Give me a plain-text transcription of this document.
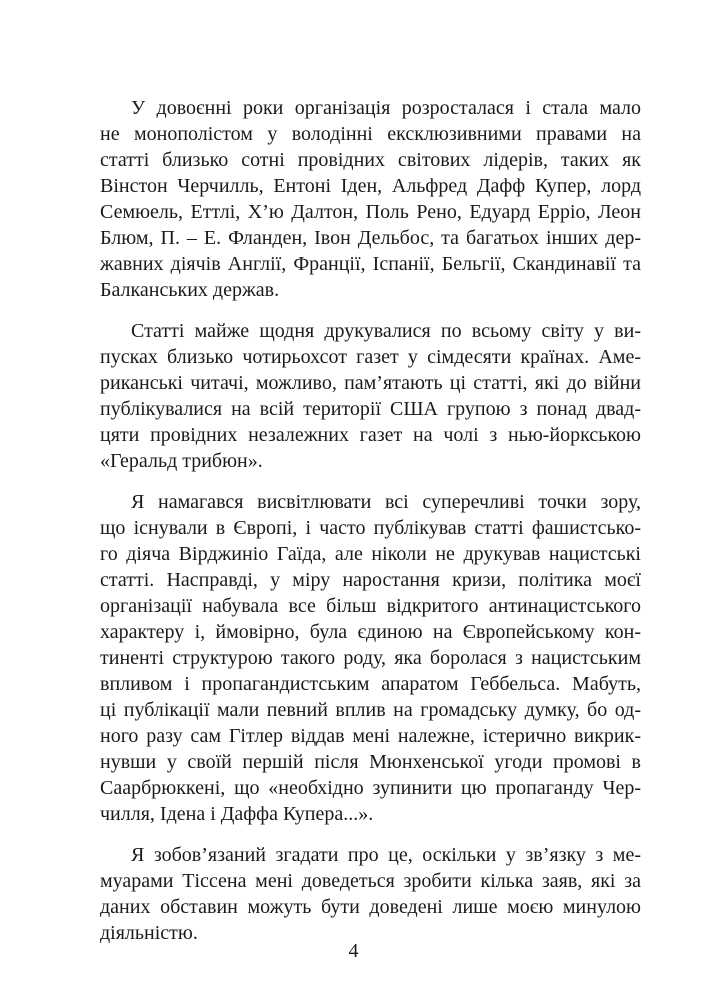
У довоєнні роки організація розросталася і стала мало
не монополістом у володінні ексклюзивними правами на
статті близько сотні провідних світових лідерів, таких як
Вінстон Черчилль, Ентоні Іден, Альфред Дафф Купер, лорд
Семюель, Еттлі, Х’ю Далтон, Поль Рено, Едуард Ерріо, Леон
Блюм, П. – Е. Фланден, Івон Дельбос, та багатьох інших дер-
жавних діячів Англії, Франції, Іспанії, Бельгії, Скандинавії та
Балканських держав.
Статті майже щодня друкувалися по всьому світу у ви-
пусках близько чотирьохсот газет у сімдесяти країнах. Аме-
риканські читачі, можливо, пам’ятають ці статті, які до війни
публікувалися на всій території США групою з понад двад-
цяти провідних незалежних газет на чолі з нью-йоркською
«Геральд трибюн».
Я намагався висвітлювати всі суперечливі точки зору,
що існували в Європі, і часто публікував статті фашистсько-
го діяча Вірджиніо Гаїда, але ніколи не друкував нацистські
статті. Насправді, у міру наростання кризи, політика моєї
організації набувала все більш відкритого антинацистського
характеру і, ймовірно, була єдиною на Європейському кон-
тиненті структурою такого роду, яка боролася з нацистським
впливом і пропагандистським апаратом Геббельса. Мабуть,
ці публікації мали певний вплив на громадську думку, бо од-
ного разу сам Гітлер віддав мені належне, істерично викрик-
нувши у своїй першій після Мюнхенської угоди промові в
Саарбрюккені, що «необхідно зупинити цю пропаганду Чер-
чилля, Ідена і Даффа Купера...».
Я зобов’язаний згадати про це, оскільки у зв’язку з ме-
муарами Тіссена мені доведеться зробити кілька заяв, які за
даних обставин можуть бути доведені лише моєю минулою
діяльністю.
4
